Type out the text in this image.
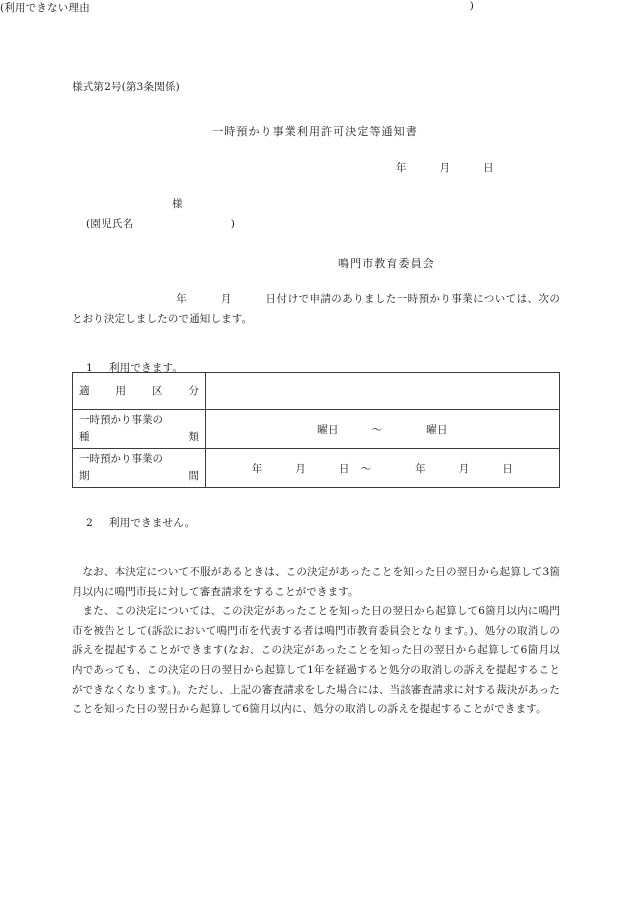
様式第2号(第3条関係)
一時預かり事業利用許可決定等通知書
年　　　月　　　日
様
(園児氏名　　　　　　　　　)
鳴門市教育委員会
年　　　月　　　日付けで申請のありました一時預かり事業については、次のとおり決定しましたので通知します。

1 利用できます。

適　用　区　分	

一時預かり事業の
種　　　　　類	曜日　　　～　　　　曜日

一時預かり事業の
期　　　　　間	年　　　月　　　日　～　　　　年　　　月　　　日

2 利用できません。

)
(利用できない理由

なお、本決定について不服があるときは、この決定があったことを知った日の翌日から起算して3箇月以内に鳴門市長に対して審査請求をすることができます。

また、この決定については、この決定があったことを知った日の翌日から起算して6箇月以内に鳴門市を被告として(訴訟において鳴門市を代表する者は鳴門市教育委員会となります。)、処分の取消しの訴えを提起することができます(なお、この決定があったことを知った日の翌日から起算して6箇月以内であっても、この決定の日の翌日から起算して1年を経過すると処分の取消しの訴えを提起することができなくなります。)。ただし、上記の審査請求をした場合には、当該審査請求に対する裁決があったことを知った日の翌日から起算して6箇月以内に、処分の取消しの訴えを提起することができます。
